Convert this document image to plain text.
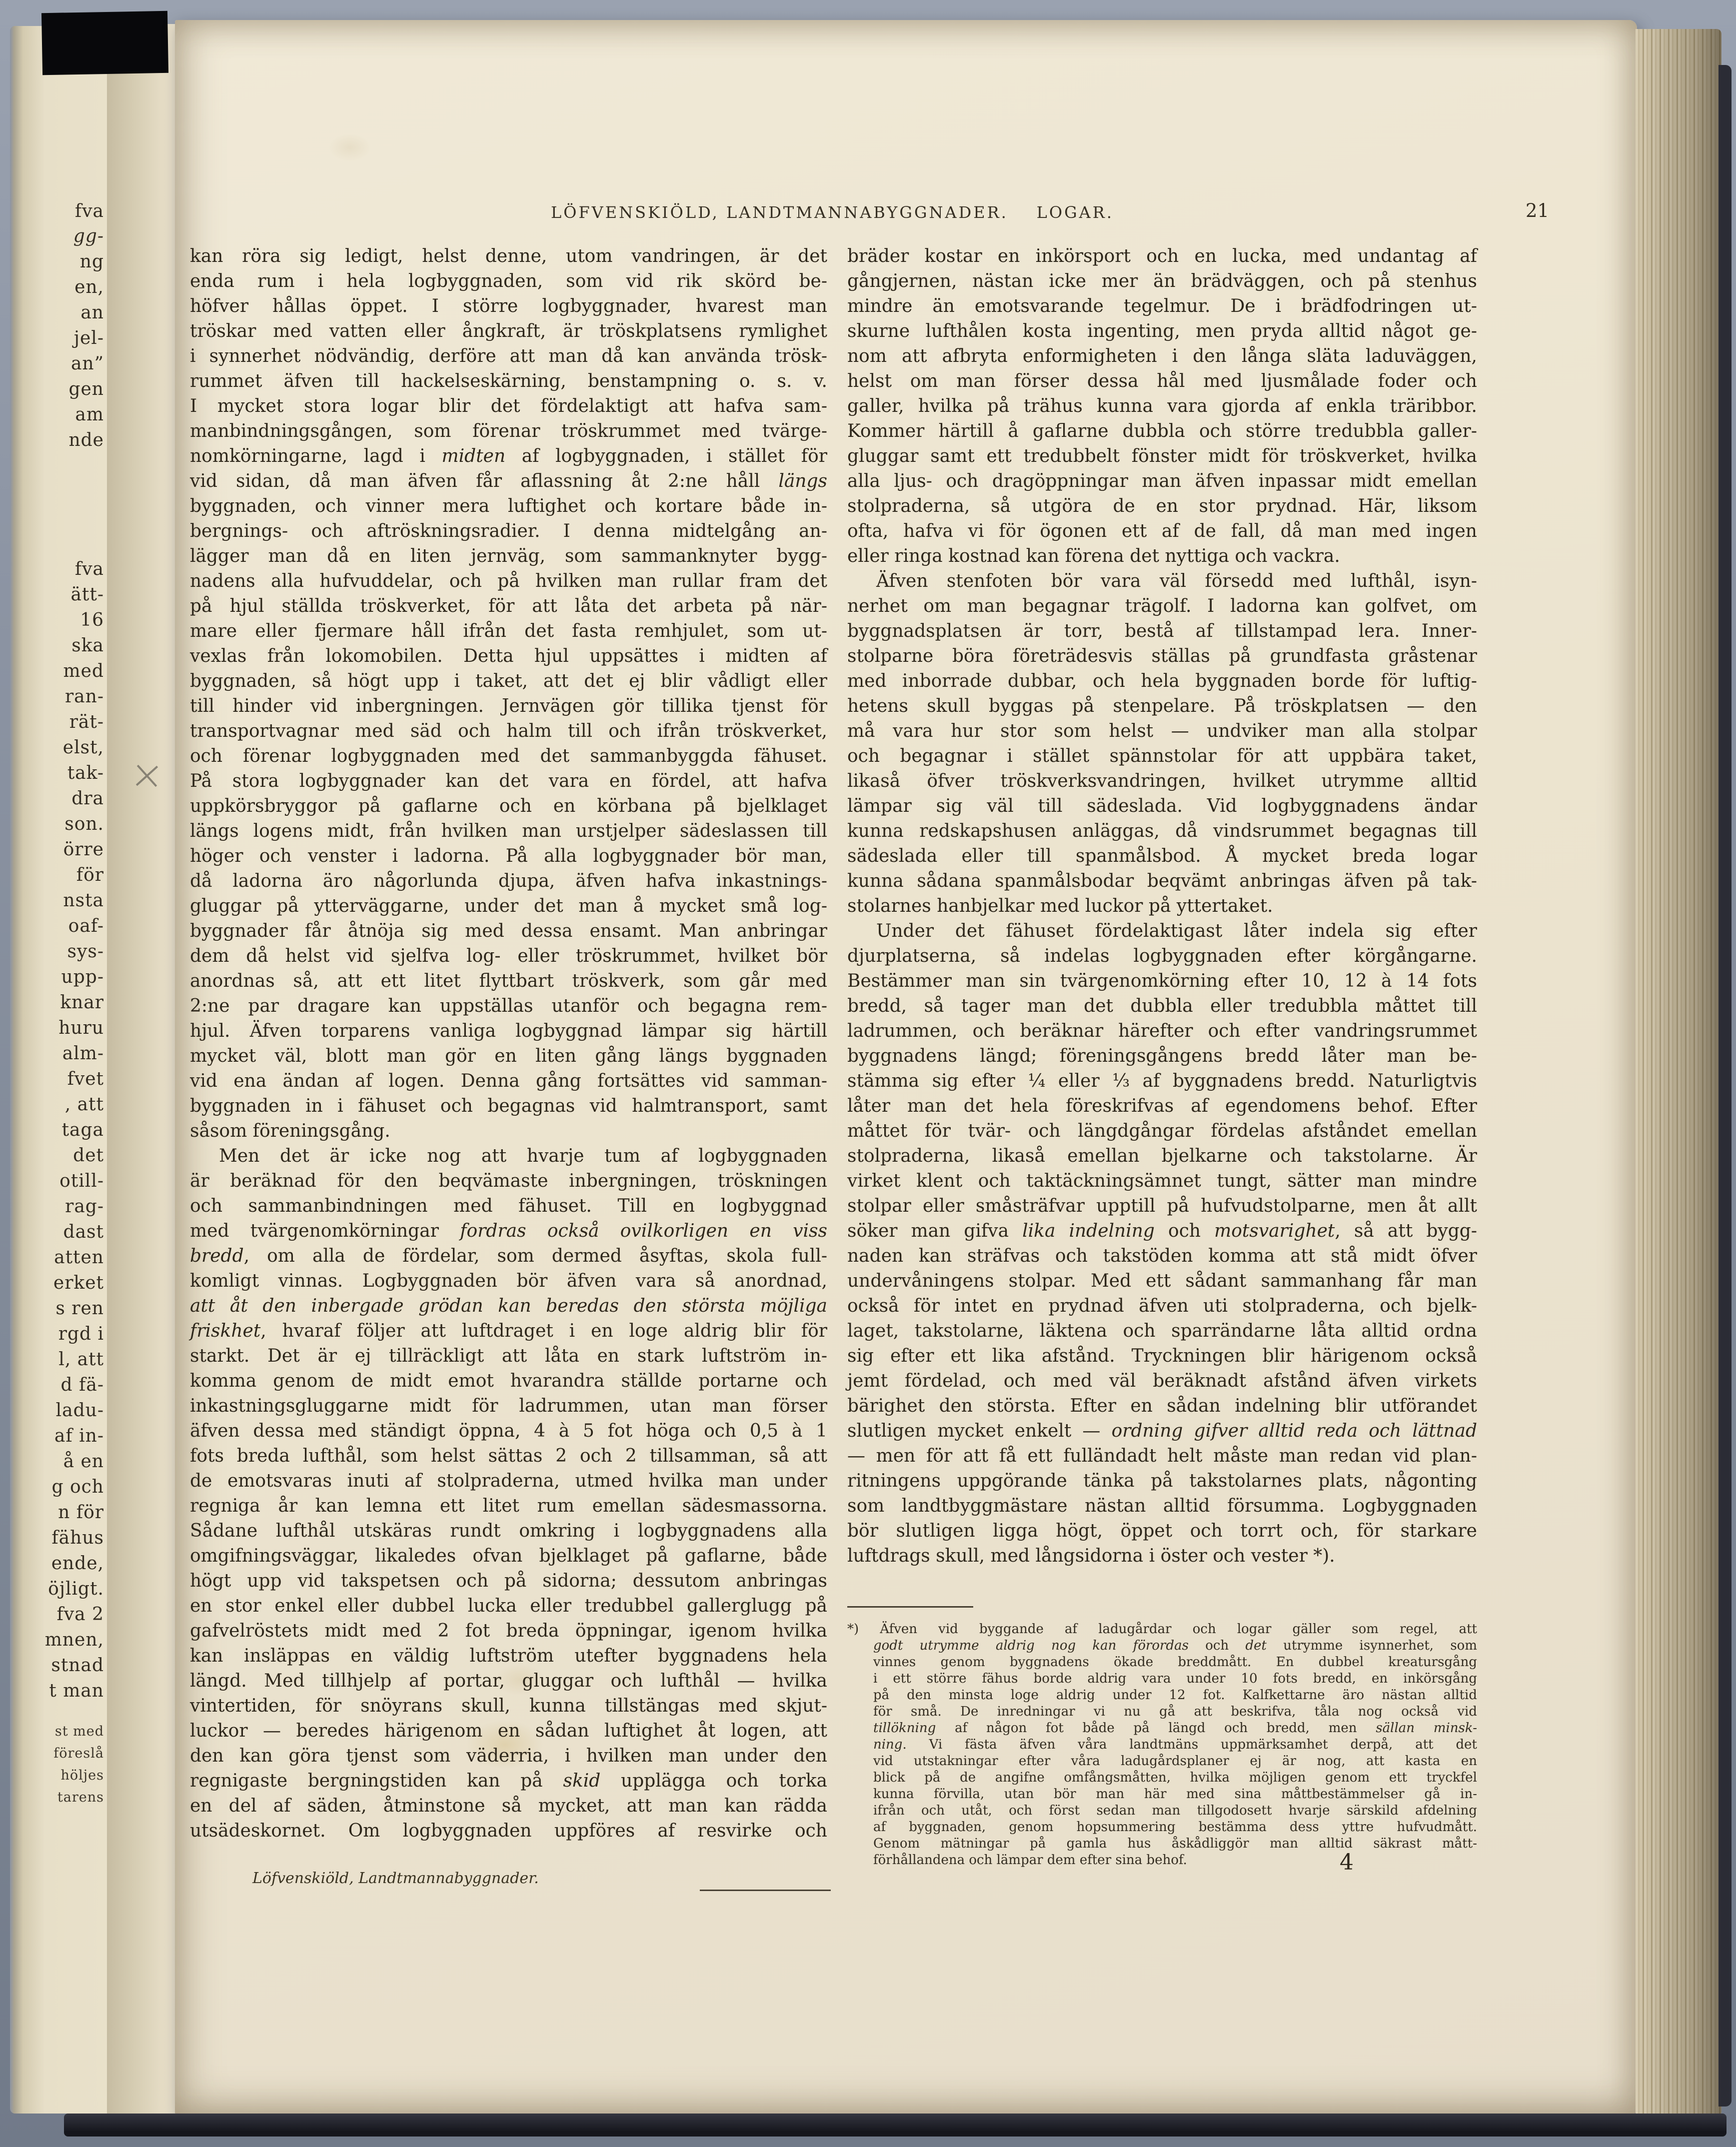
fva
gg-
ng
en,
an
jel-
an”
gen
am
nde
fva
ätt-
16
ska
med
ran-
rät-
elst,
tak-
dra
son.
örre
för
nsta
oaf-
sys-
upp-
knar
huru
alm-
fvet
, att
taga
det
otill-
rag-
dast
atten
erket
s ren
rgd i
l, att
d fä-
ladu-
af in-
å en
g och
n för
fähus
ende,
öjligt.
fva 2
mnen,
stnad
t man
st med
föreslå
höljes
tarens
LÖFVENSKIÖLD, LANDTMANNABYGGNADER.    LOGAR.	21
kan röra sig ledigt, helst denne, utom vandringen, är det
enda rum i hela logbyggnaden, som vid rik skörd be-
höfver hållas öppet. I större logbyggnader, hvarest man
tröskar med vatten eller ångkraft, är tröskplatsens rymlighet
i synnerhet nödvändig, derföre att man då kan använda trösk-
rummet äfven till hackelseskärning, benstampning o. s. v.
I mycket stora logar blir det fördelaktigt att hafva sam-
manbindningsgången, som förenar tröskrummet med tvärge-
nomkörningarne, lagd i midten af logbyggnaden, i stället för
vid sidan, då man äfven får aflassning åt 2:ne håll längs
byggnaden, och vinner mera luftighet och kortare både in-
bergnings- och aftröskningsradier. I denna midtelgång an-
lägger man då en liten jernväg, som sammanknyter bygg-
nadens alla hufvuddelar, och på hvilken man rullar fram det
på hjul ställda tröskverket, för att låta det arbeta på när-
mare eller fjermare håll ifrån det fasta remhjulet, som ut-
vexlas från lokomobilen. Detta hjul uppsättes i midten af
byggnaden, så högt upp i taket, att det ej blir vådligt eller
till hinder vid inbergningen. Jernvägen gör tillika tjenst för
transportvagnar med säd och halm till och ifrån tröskverket,
och förenar logbyggnaden med det sammanbyggda fähuset.
På stora logbyggnader kan det vara en fördel, att hafva
uppkörsbryggor på gaflarne och en körbana på bjelklaget
längs logens midt, från hvilken man urstjelper sädeslassen till
höger och venster i ladorna. På alla logbyggnader bör man,
då ladorna äro någorlunda djupa, äfven hafva inkastnings-
gluggar på ytterväggarne, under det man å mycket små log-
byggnader får åtnöja sig med dessa ensamt. Man anbringar
dem då helst vid sjelfva log- eller tröskrummet, hvilket bör
anordnas så, att ett litet flyttbart tröskverk, som går med
2:ne par dragare kan uppställas utanför och begagna rem-
hjul. Äfven torparens vanliga logbyggnad lämpar sig härtill
mycket väl, blott man gör en liten gång längs byggnaden
vid ena ändan af logen. Denna gång fortsättes vid samman-
byggnaden in i fähuset och begagnas vid halmtransport, samt
såsom föreningsgång.
Men det är icke nog att hvarje tum af logbyggnaden
är beräknad för den beqvämaste inbergningen, tröskningen
och sammanbindningen med fähuset. Till en logbyggnad
med tvärgenomkörningar fordras också ovilkorligen en viss
bredd, om alla de fördelar, som dermed åsyftas, skola full-
komligt vinnas. Logbyggnaden bör äfven vara så anordnad,
att åt den inbergade grödan kan beredas den största möjliga
friskhet, hvaraf följer att luftdraget i en loge aldrig blir för
starkt. Det är ej tillräckligt att låta en stark luftström in-
komma genom de midt emot hvarandra ställde portarne och
inkastningsgluggarne midt för ladrummen, utan man förser
äfven dessa med ständigt öppna, 4 à 5 fot höga och 0,5 à 1
fots breda lufthål, som helst sättas 2 och 2 tillsamman, så att
de emotsvaras inuti af stolpraderna, utmed hvilka man under
regniga år kan lemna ett litet rum emellan sädesmassorna.
Sådane lufthål utskäras rundt omkring i logbyggnadens alla
omgifningsväggar, likaledes ofvan bjelklaget på gaflarne, både
högt upp vid takspetsen och på sidorna; dessutom anbringas
en stor enkel eller dubbel lucka eller tredubbel gallerglugg på
gafvelröstets midt med 2 fot breda öppningar, igenom hvilka
kan insläppas en väldig luftström utefter byggnadens hela
längd. Med tillhjelp af portar, gluggar och lufthål — hvilka
vintertiden, för snöyrans skull, kunna tillstängas med skjut-
luckor — beredes härigenom en sådan luftighet åt logen, att
den kan göra tjenst som väderria, i hvilken man under den
regnigaste bergningstiden kan på skid upplägga och torka
en del af säden, åtminstone så mycket, att man kan rädda
utsädeskornet. Om logbyggnaden uppföres af resvirke och
bräder kostar en inkörsport och en lucka, med undantag af
gångjernen, nästan icke mer än brädväggen, och på stenhus
mindre än emotsvarande tegelmur. De i brädfodringen ut-
skurne lufthålen kosta ingenting, men pryda alltid något ge-
nom att afbryta enformigheten i den långa släta laduväggen,
helst om man förser dessa hål med ljusmålade foder och
galler, hvilka på trähus kunna vara gjorda af enkla träribbor.
Kommer härtill å gaflarne dubbla och större tredubbla galler-
gluggar samt ett tredubbelt fönster midt för tröskverket, hvilka
alla ljus- och dragöppningar man äfven inpassar midt emellan
stolpraderna, så utgöra de en stor prydnad. Här, liksom
ofta, hafva vi för ögonen ett af de fall, då man med ingen
eller ringa kostnad kan förena det nyttiga och vackra.
Äfven stenfoten bör vara väl försedd med lufthål, isyn-
nerhet om man begagnar trägolf. I ladorna kan golfvet, om
byggnadsplatsen är torr, bestå af tillstampad lera. Inner-
stolparne böra företrädesvis ställas på grundfasta gråstenar
med inborrade dubbar, och hela byggnaden borde för luftig-
hetens skull byggas på stenpelare. På tröskplatsen — den
må vara hur stor som helst — undviker man alla stolpar
och begagnar i stället spännstolar för att uppbära taket,
likaså öfver tröskverksvandringen, hvilket utrymme alltid
lämpar sig väl till sädeslada. Vid logbyggnadens ändar
kunna redskapshusen anläggas, då vindsrummet begagnas till
sädeslada eller till spanmålsbod. Å mycket breda logar
kunna sådana spanmålsbodar beqvämt anbringas äfven på tak-
stolarnes hanbjelkar med luckor på yttertaket.
Under det fähuset fördelaktigast låter indela sig efter
djurplatserna, så indelas logbyggnaden efter körgångarne.
Bestämmer man sin tvärgenomkörning efter 10, 12 à 14 fots
bredd, så tager man det dubbla eller tredubbla måttet till
ladrummen, och beräknar härefter och efter vandringsrummet
byggnadens längd; föreningsgångens bredd låter man be-
stämma sig efter ¼ eller ⅓ af byggnadens bredd. Naturligtvis
låter man det hela föreskrifvas af egendomens behof. Efter
måttet för tvär- och längdgångar fördelas afståndet emellan
stolpraderna, likaså emellan bjelkarne och takstolarne. Är
virket klent och taktäckningsämnet tungt, sätter man mindre
stolpar eller småsträfvar upptill på hufvudstolparne, men åt allt
söker man gifva lika indelning och motsvarighet, så att bygg-
naden kan sträfvas och takstöden komma att stå midt öfver
undervåningens stolpar. Med ett sådant sammanhang får man
också för intet en prydnad äfven uti stolpraderna, och bjelk-
laget, takstolarne, läktena och sparrändarne låta alltid ordna
sig efter ett lika afstånd. Tryckningen blir härigenom också
jemt fördelad, och med väl beräknadt afstånd äfven virkets
bärighet den största. Efter en sådan indelning blir utförandet
slutligen mycket enkelt — ordning gifver alltid reda och lättnad
— men för att få ett fulländadt helt måste man redan vid plan-
ritningens uppgörande tänka på takstolarnes plats, någonting
som landtbyggmästare nästan alltid försumma. Logbyggnaden
bör slutligen ligga högt, öppet och torrt och, för starkare
luftdrags skull, med långsidorna i öster och vester *).
*) Äfven vid byggande af ladugårdar och logar gäller som regel, att
godt utrymme aldrig nog kan förordas och det utrymme isynnerhet, som
vinnes genom byggnadens ökade breddmått. En dubbel kreatursgång
i ett större fähus borde aldrig vara under 10 fots bredd, en inkörsgång
på den minsta loge aldrig under 12 fot. Kalfkettarne äro nästan alltid
för små. De inredningar vi nu gå att beskrifva, tåla nog också vid
tillökning af någon fot både på längd och bredd, men sällan minsk-
ning. Vi fästa äfven våra landtmäns uppmärksamhet derpå, att det
vid utstakningar efter våra ladugårdsplaner ej är nog, att kasta en
blick på de angifne omfångsmåtten, hvilka möjligen genom ett tryckfel
kunna förvilla, utan bör man här med sina måttbestämmelser gå in-
ifrån och utåt, och först sedan man tillgodosett hvarje särskild afdelning
af byggnaden, genom hopsummering bestämma dess yttre hufvudmått.
Genom mätningar på gamla hus åskådliggör man alltid säkrast mått-
förhållandena och lämpar dem efter sina behof.
Löfvenskiöld, Landtmannabyggnader.
4
